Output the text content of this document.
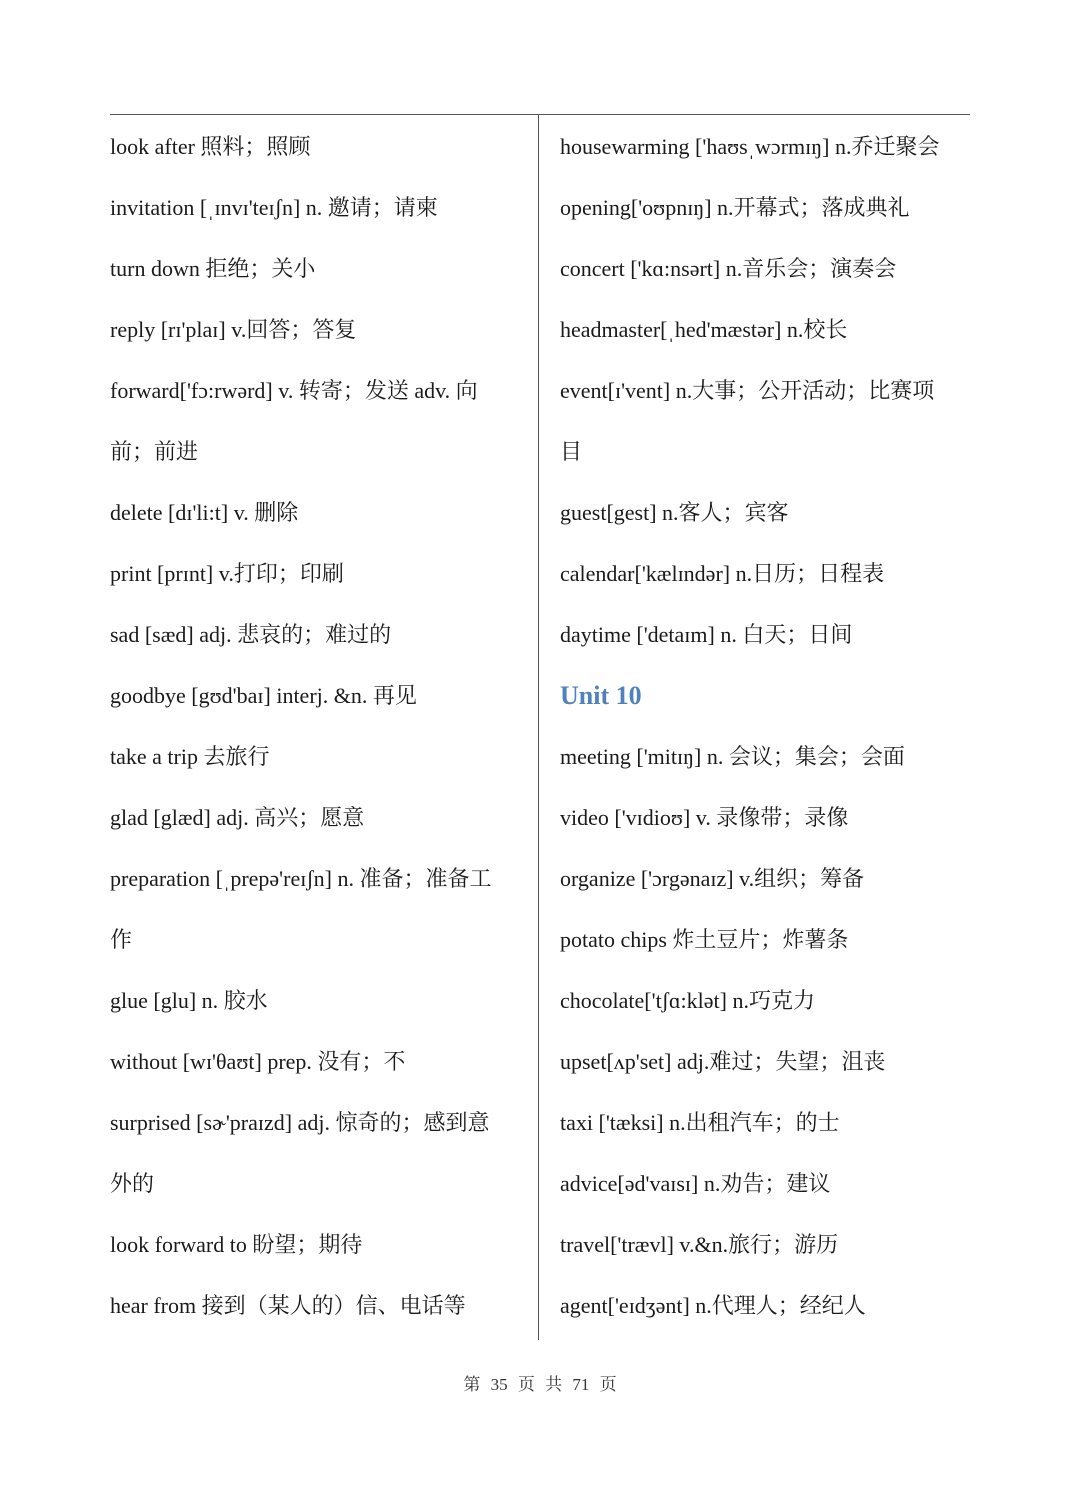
look after 照料；照顾
invitation [ˌɪnvɪ'teɪʃn] n. 邀请；请柬
turn down 拒绝；关小
reply [rɪ'plaɪ] v.回答；答复
forward['fɔ:rwərd] v. 转寄；发送 adv. 向
前；前进
delete [dɪ'li:t] v. 删除
print [prɪnt] v.打印；印刷
sad [sæd] adj. 悲哀的；难过的
goodbye [gʊd'baɪ] interj. &n. 再见
take a trip 去旅行
glad [glæd] adj. 高兴；愿意
preparation [ˌprepə'reɪʃn] n. 准备；准备工
作
glue [glu] n. 胶水
without [wɪ'θaʊt] prep. 没有；不
surprised [sɚ'praɪzd] adj. 惊奇的；感到意
外的
look forward to 盼望；期待
hear from 接到（某人的）信、电话等
housewarming ['haʊsˌwɔrmɪŋ] n.乔迁聚会
opening['oʊpnɪŋ] n.开幕式；落成典礼
concert ['kɑ:nsərt] n.音乐会；演奏会
headmaster[ˌhed'mæstər] n.校长
event[ɪ'vent] n.大事；公开活动；比赛项
目
guest[gest] n.客人；宾客
calendar['kælɪndər] n.日历；日程表
daytime ['detaɪm] n. 白天；日间
Unit 10
meeting ['mitɪŋ] n. 会议；集会；会面
video ['vɪdioʊ] v. 录像带；录像
organize ['ɔrgənaɪz] v.组织；筹备
potato chips 炸土豆片；炸薯条
chocolate['tʃɑ:klət] n.巧克力
upset[ʌp'set] adj.难过；失望；沮丧
taxi ['tæksi] n.出租汽车；的士
advice[əd'vaɪsɪ] n.劝告；建议
travel['trævl] v.&n.旅行；游历
agent['eɪdʒənt] n.代理人；经纪人
第 35 页 共 71 页
